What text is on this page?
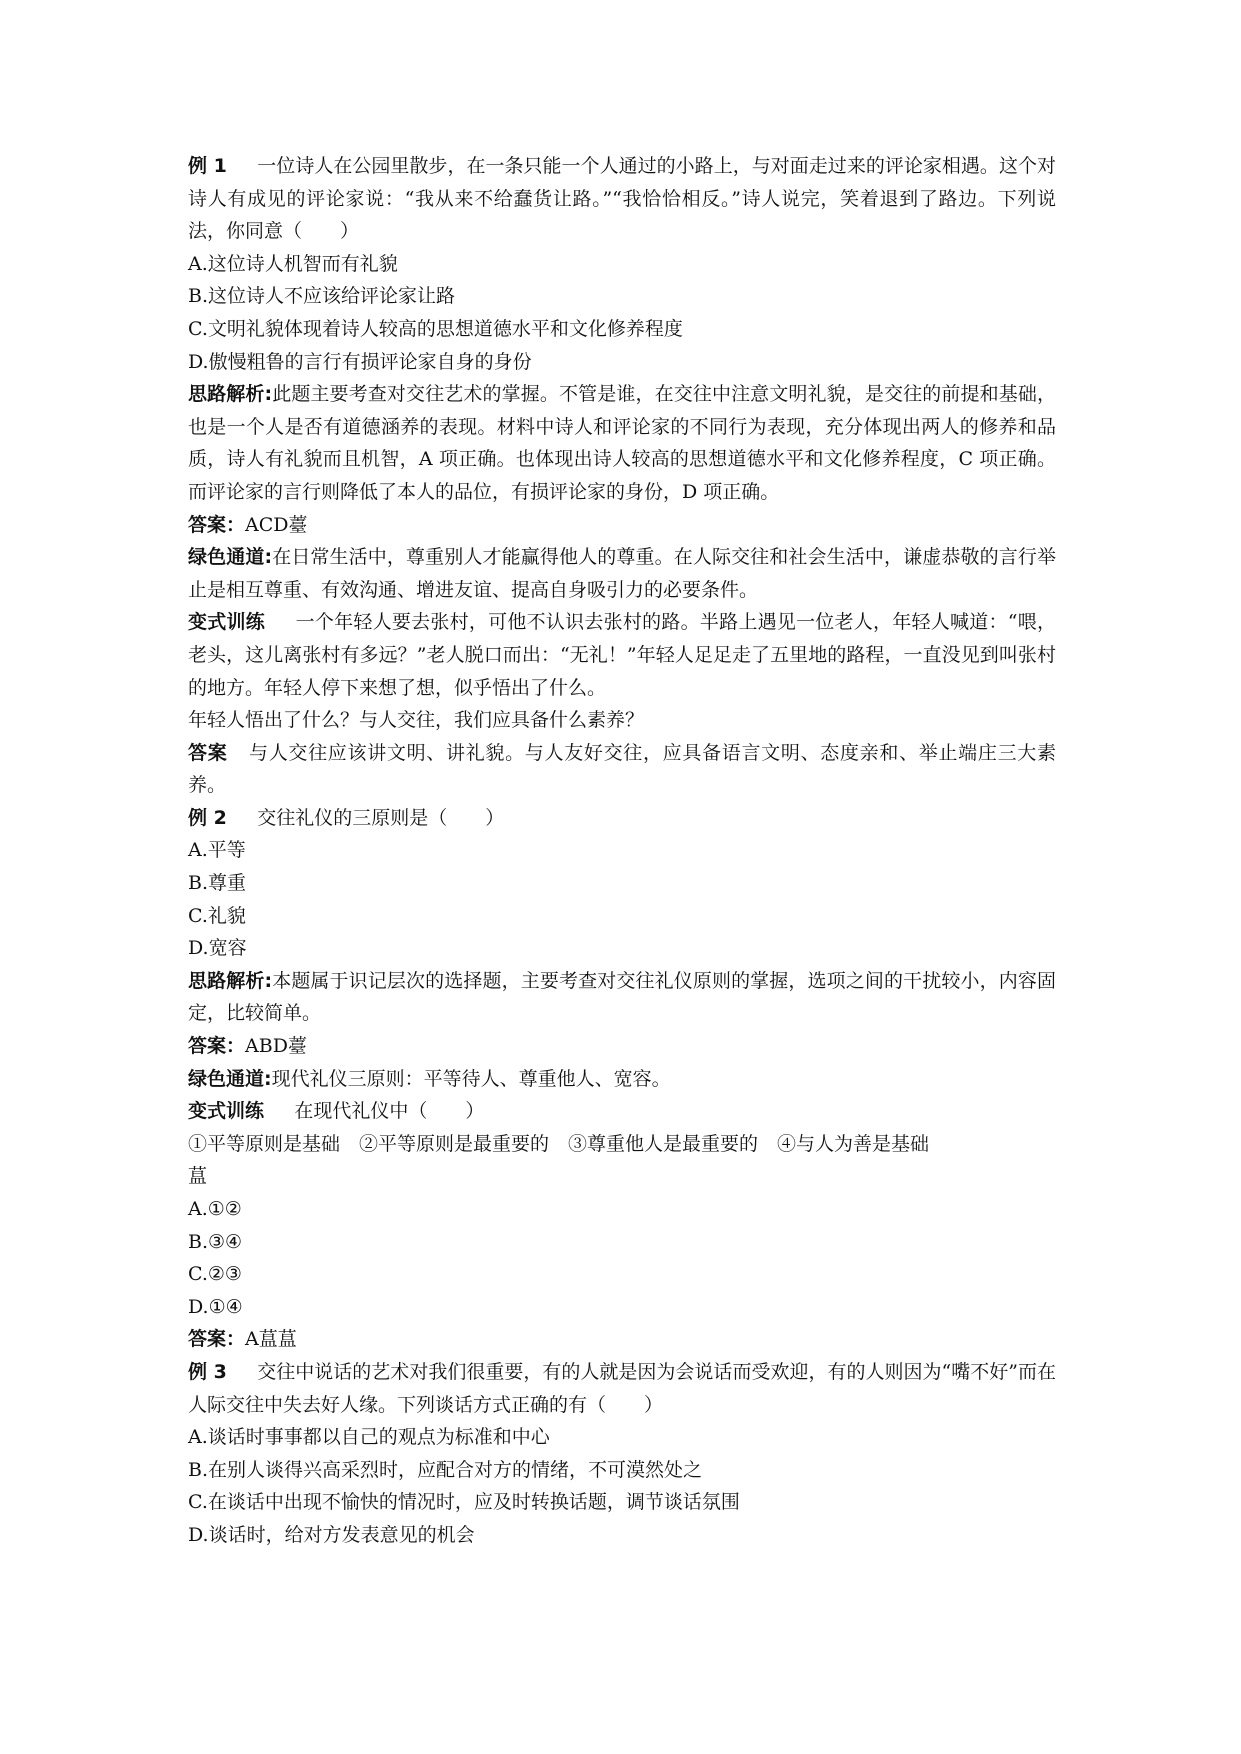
例 1 一位诗人在公园里散步，在一条只能一个人通过的小路上，与对面走过来的评论家相遇。这个对诗人有成见的评论家说：“我从来不给蠢货让路。”“我恰恰相反。”诗人说完，笑着退到了路边。下列说法，你同意（　　）

A.这位诗人机智而有礼貌

B.这位诗人不应该给评论家让路

C.文明礼貌体现着诗人较高的思想道德水平和文化修养程度

D.傲慢粗鲁的言行有损评论家自身的身份

思路解析:此题主要考查对交往艺术的掌握。不管是谁，在交往中注意文明礼貌，是交往的前提和基础，也是一个人是否有道德涵养的表现。材料中诗人和评论家的不同行为表现，充分体现出两人的修养和品质，诗人有礼貌而且机智，A 项正确。也体现出诗人较高的思想道德水平和文化修养程度，C 项正确。而评论家的言行则降低了本人的品位，有损评论家的身份，D 项正确。

答案：ACD薹

绿色通道:在日常生活中，尊重别人才能赢得他人的尊重。在人际交往和社会生活中，谦虚恭敬的言行举止是相互尊重、有效沟通、增进友谊、提高自身吸引力的必要条件。

变式训练 一个年轻人要去张村，可他不认识去张村的路。半路上遇见一位老人，年轻人喊道：“喂，老头，这儿离张村有多远？”老人脱口而出：“无礼！”年轻人足足走了五里地的路程，一直没见到叫张村的地方。年轻人停下来想了想，似乎悟出了什么。

年轻人悟出了什么？与人交往，我们应具备什么素养？

答案 与人交往应该讲文明、讲礼貌。与人友好交往，应具备语言文明、态度亲和、举止端庄三大素养。

例 2 交往礼仪的三原则是（　　）

A.平等

B.尊重

C.礼貌

D.宽容

思路解析:本题属于识记层次的选择题，主要考查对交往礼仪原则的掌握，选项之间的干扰较小，内容固定，比较简单。

答案：ABD薹

绿色通道:现代礼仪三原则：平等待人、尊重他人、宽容。

变式训练 在现代礼仪中（　　）

①平等原则是基础　②平等原则是最重要的　③尊重他人是最重要的　④与人为善是基础
蒀

A.①②

B.③④

C.②③

D.①④

答案：A蒀蒀

例 3 交往中说话的艺术对我们很重要，有的人就是因为会说话而受欢迎，有的人则因为“嘴不好”而在人际交往中失去好人缘。下列谈话方式正确的有（　　）

A.谈话时事事都以自己的观点为标准和中心

B.在别人谈得兴高采烈时，应配合对方的情绪，不可漠然处之

C.在谈话中出现不愉快的情况时，应及时转换话题，调节谈话氛围

D.谈话时，给对方发表意见的机会
